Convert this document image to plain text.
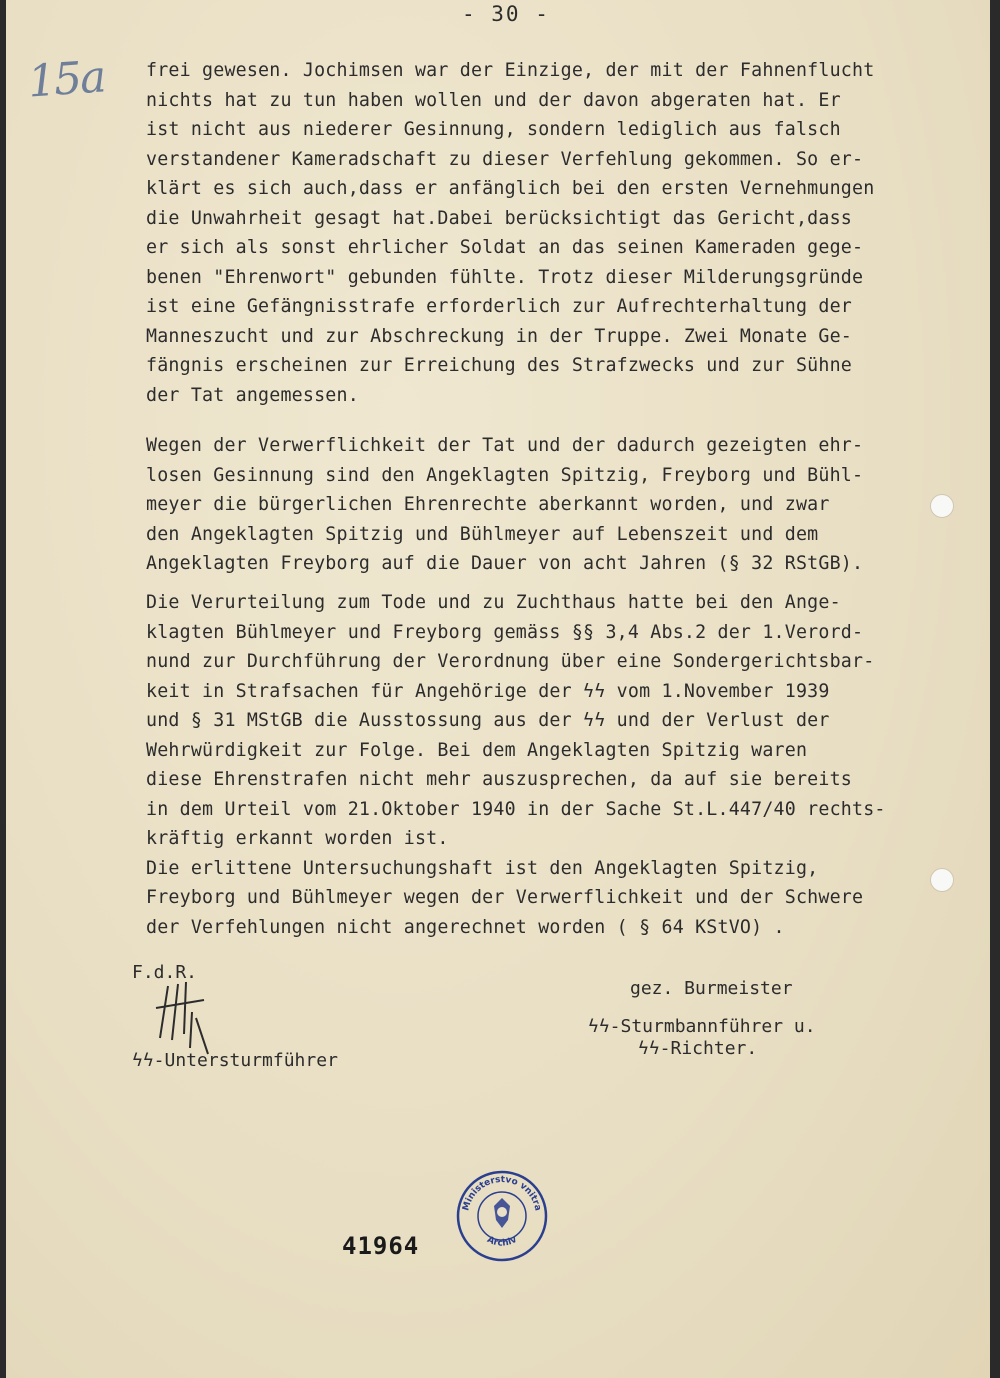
- 30 -
15a frei gewesen. Jochimsen war der Einzige, der mit der Fahnenflucht
nichts hat zu tun haben wollen und der davon abgeraten hat. Er
ist nicht aus niederer Gesinnung, sondern lediglich aus falsch
verstandener Kameradschaft zu dieser Verfehlung gekommen. So er-
klärt es sich auch,dass er anfänglich bei den ersten Vernehmungen
die Unwahrheit gesagt hat.Dabei berücksichtigt das Gericht,dass
er sich als sonst ehrlicher Soldat an das seinen Kameraden gege-
benen "Ehrenwort" gebunden fühlte. Trotz dieser Milderungsgründe
ist eine Gefängnisstrafe erforderlich zur Aufrechterhaltung der
Manneszucht und zur Abschreckung in der Truppe. Zwei Monate Ge-
fängnis erscheinen zur Erreichung des Strafzwecks und zur Sühne
der Tat angemessen.
Wegen der Verwerflichkeit der Tat und der dadurch gezeigten ehr-
losen Gesinnung sind den Angeklagten Spitzig, Freyborg und Bühl-
meyer die bürgerlichen Ehrenrechte aberkannt worden, und zwar
den Angeklagten Spitzig und Bühlmeyer auf Lebenszeit und dem
Angeklagten Freyborg auf die Dauer von acht Jahren (§ 32 RStGB).
Die Verurteilung zum Tode und zu Zuchthaus hatte bei den Ange-
klagten Bühlmeyer und Freyborg gemäss §§ 3,4 Abs.2 der 1.Verord-
nund zur Durchführung der Verordnung über eine Sondergerichtsbar-
keit in Strafsachen für Angehörige der ϟϟ vom 1.November 1939
und § 31 MStGB die Ausstossung aus der ϟϟ und der Verlust der
Wehrwürdigkeit zur Folge. Bei dem Angeklagten Spitzig waren
diese Ehrenstrafen nicht mehr auszusprechen, da auf sie bereits
in dem Urteil vom 21.Oktober 1940 in der Sache St.L.447/40 rechts-
kräftig erkannt worden ist.
Die erlittene Untersuchungshaft ist den Angeklagten Spitzig,
Freyborg und Bühlmeyer wegen der Verwerflichkeit und der Schwere
der Verfehlungen nicht angerechnet worden ( § 64 KStVO) .
F.d.R.
ϟϟ-Untersturmführer
gez. Burmeister
ϟϟ-Sturmbannführer u.
ϟϟ-Richter.
41964
Ministerstvo vnitra
Archiv
